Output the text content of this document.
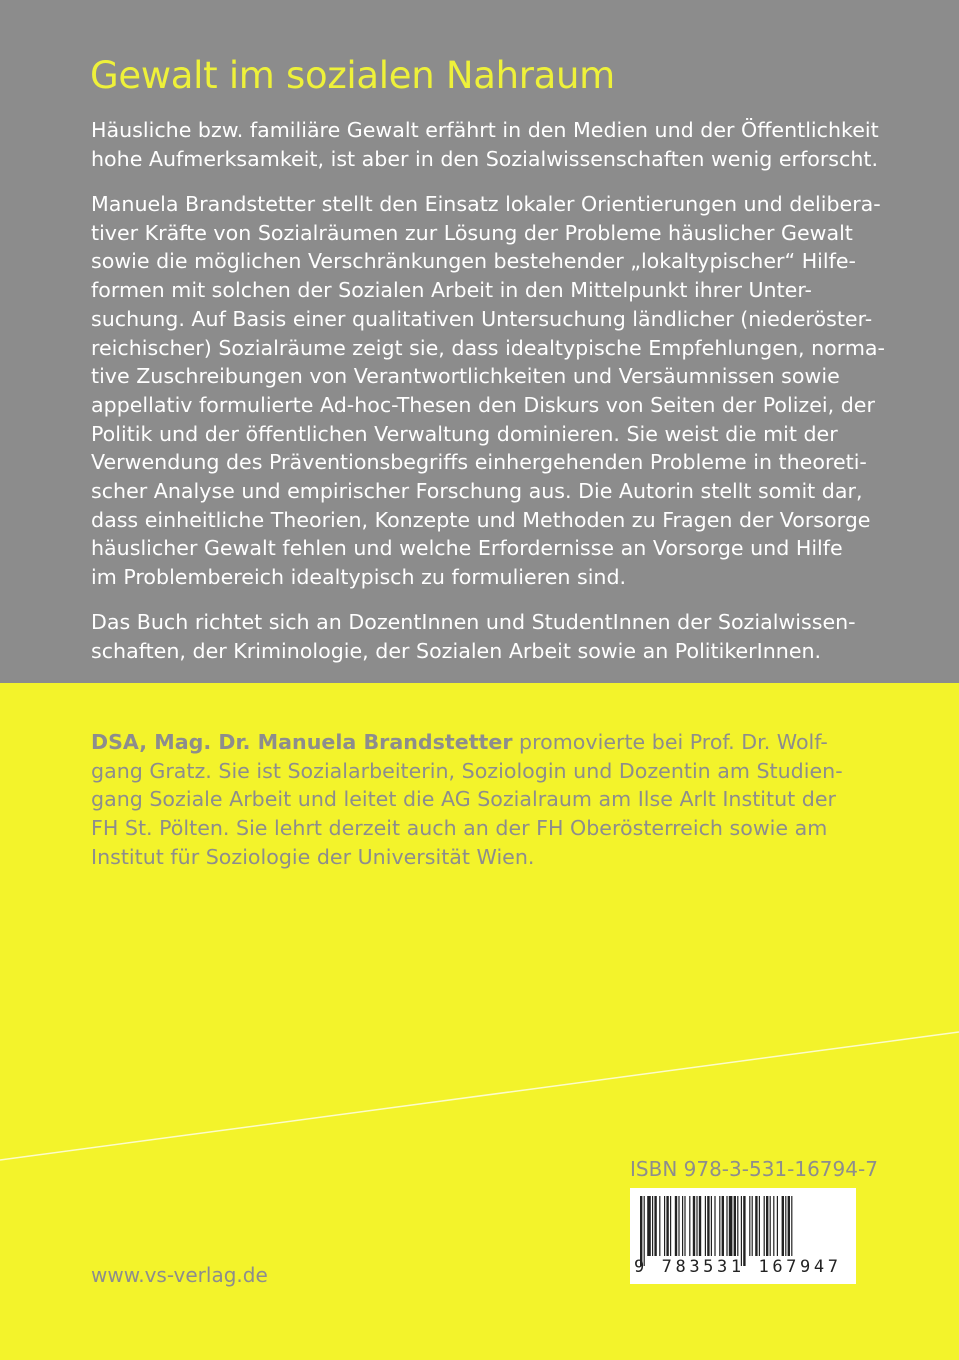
Gewalt im sozialen Nahraum

Häusliche bzw. familiäre Gewalt erfährt in den Medien und der Öffentlichkeit
hohe Aufmerksamkeit, ist aber in den Sozialwissenschaften wenig erforscht.

Manuela Brandstetter stellt den Einsatz lokaler Orientierungen und delibera-
tiver Kräfte von Sozialräumen zur Lösung der Probleme häuslicher Gewalt
sowie die möglichen Verschränkungen bestehender „lokaltypischer“ Hilfe-
formen mit solchen der Sozialen Arbeit in den Mittelpunkt ihrer Unter-
suchung. Auf Basis einer qualitativen Untersuchung ländlicher (niederöster-
reichischer) Sozialräume zeigt sie, dass idealtypische Empfehlungen, norma-
tive Zuschreibungen von Verantwortlichkeiten und Versäumnissen sowie
appellativ formulierte Ad-hoc-Thesen den Diskurs von Seiten der Polizei, der
Politik und der öffentlichen Verwaltung dominieren. Sie weist die mit der
Verwendung des Präventionsbegriffs einhergehenden Probleme in theoreti-
scher Analyse und empirischer Forschung aus. Die Autorin stellt somit dar,
dass einheitliche Theorien, Konzepte und Methoden zu Fragen der Vorsorge
häuslicher Gewalt fehlen und welche Erfordernisse an Vorsorge und Hilfe
im Problembereich idealtypisch zu formulieren sind.

Das Buch richtet sich an DozentInnen und StudentInnen der Sozialwissen-
schaften, der Kriminologie, der Sozialen Arbeit sowie an PolitikerInnen.

DSA, Mag. Dr. Manuela Brandstetter promovierte bei Prof. Dr. Wolf-
gang Gratz. Sie ist Sozialarbeiterin, Soziologin und Dozentin am Studien-
gang Soziale Arbeit und leitet die AG Sozialraum am Ilse Arlt Institut der
FH St. Pölten. Sie lehrt derzeit auch an der FH Oberösterreich sowie am
Institut für Soziologie der Universität Wien.

ISBN 978-3-531-16794-7
9 783531 167947
www.vs-verlag.de
